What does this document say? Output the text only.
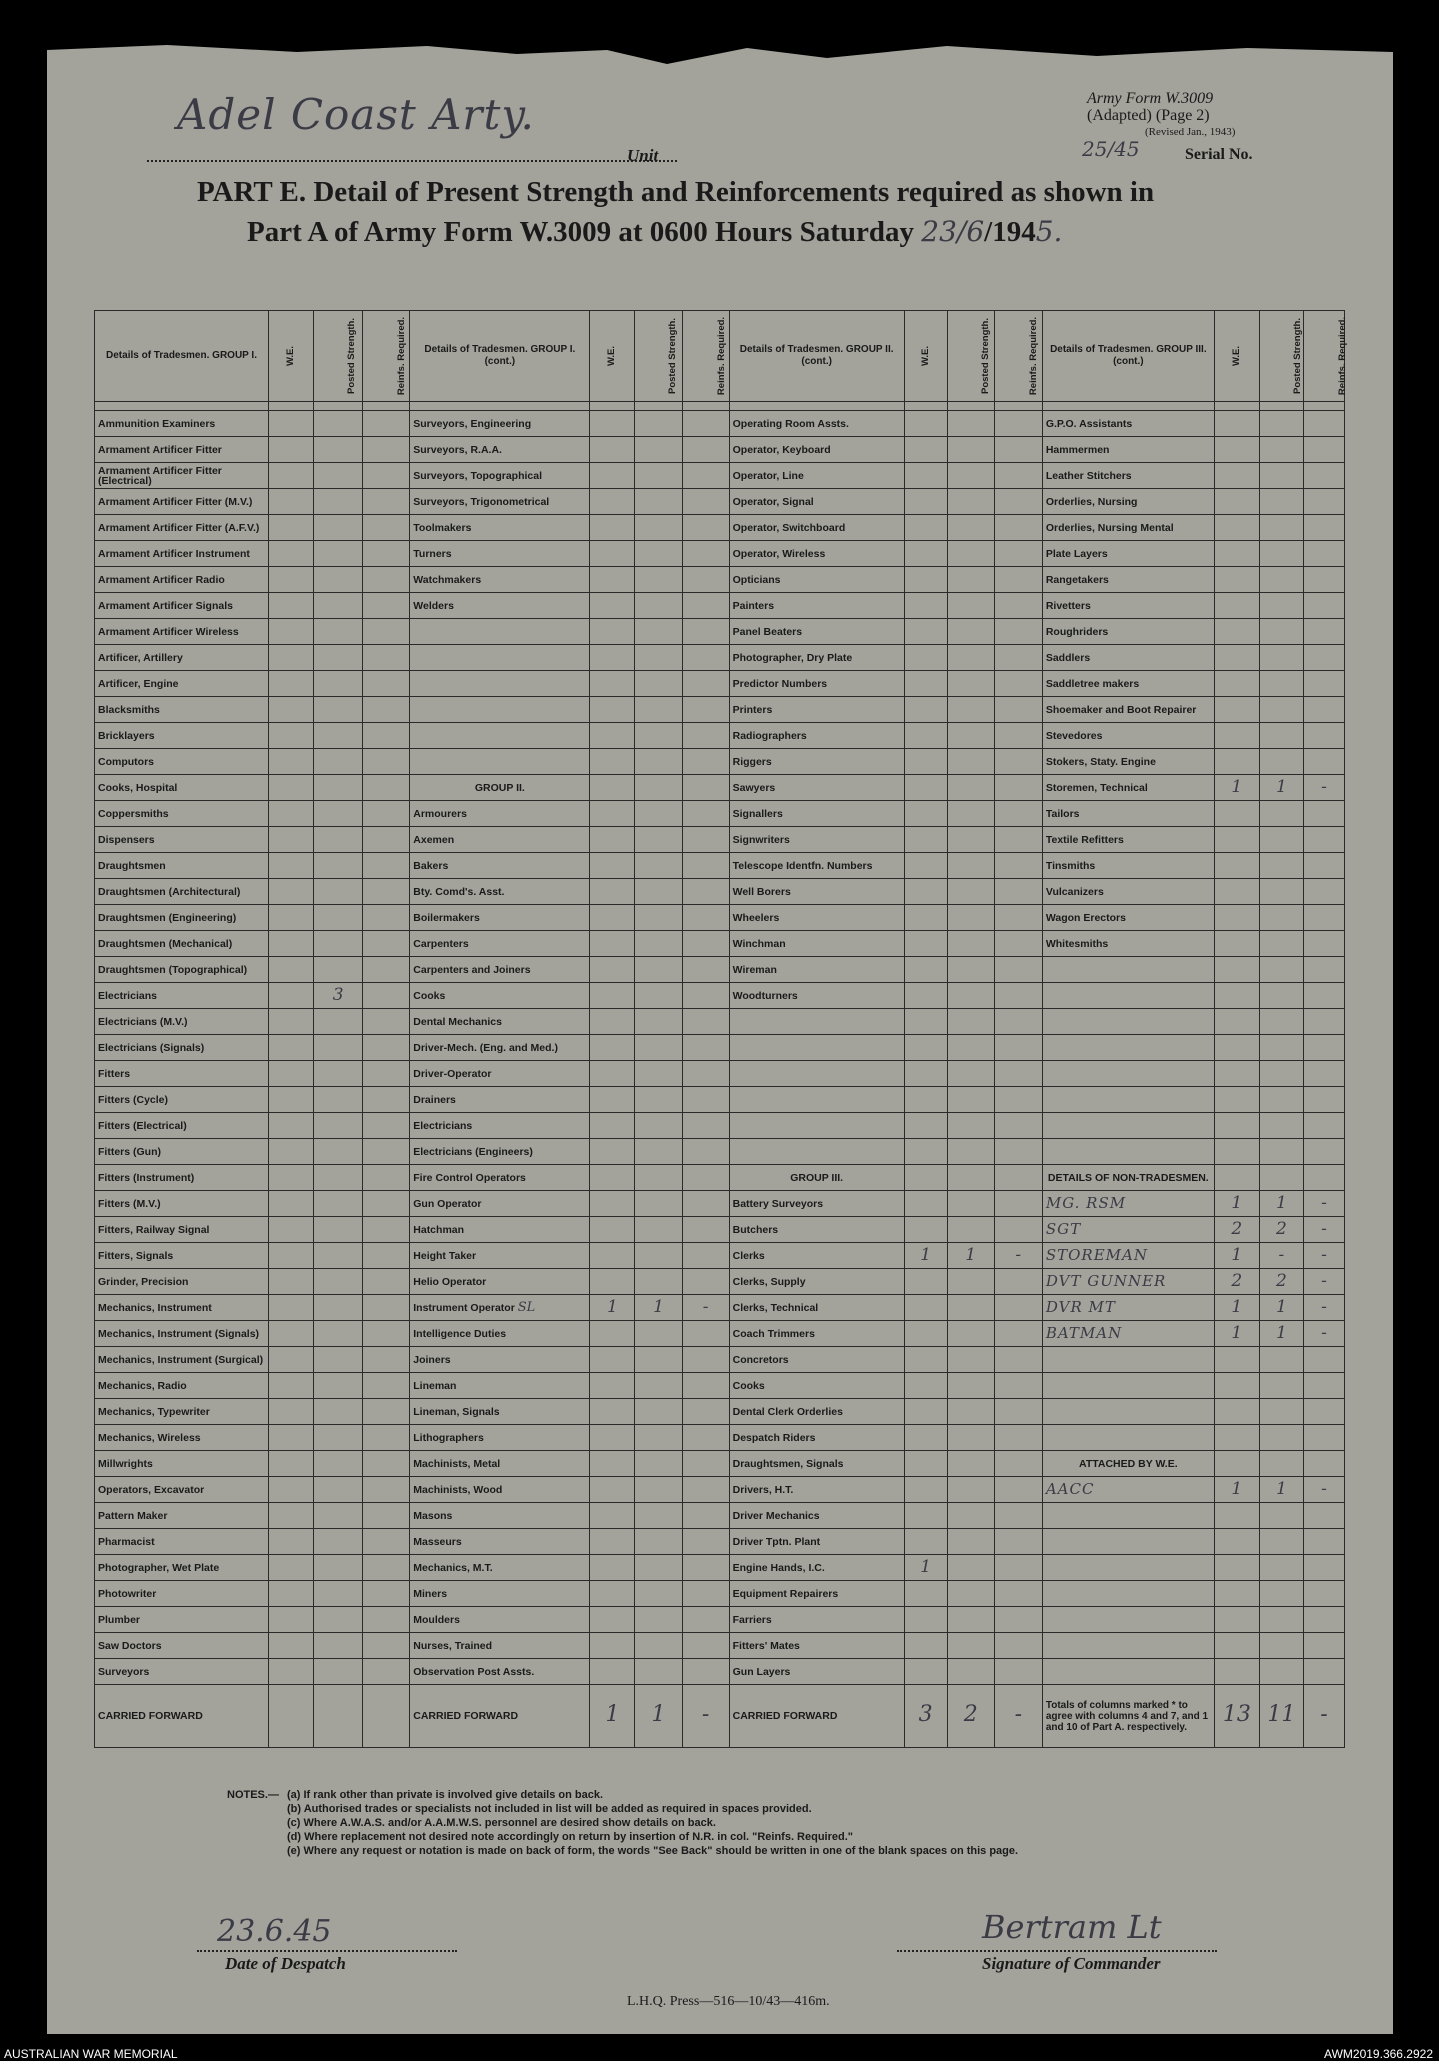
Adel Coast Arty.
Unit
Army Form W.3009
(Adapted) (Page 2)
(Revised Jan., 1943)
25/45	Serial No.
PART E. Detail of Present Strength and Reinforcements required as shown in
Part A of Army Form W.3009 at 0600 Hours Saturday 23/6/1945.
Details of Tradesmen. GROUP I.	W.E.	Posted Strength.	Reinfs. Required.	Details of Tradesmen. GROUP I. (cont.)	W.E.	Posted Strength.	Reinfs. Required.	Details of Tradesmen. GROUP II. (cont.)	W.E.	Posted Strength.	Reinfs. Required.	Details of Tradesmen. GROUP III. (cont.)	W.E.	Posted Strength.	Reinfs. Required.

Ammunition Examiners				Surveyors, Engineering				Operating Room Assts.				G.P.O. Assistants			
Armament Artificer Fitter				Surveyors, R.A.A.				Operator, Keyboard				Hammermen			
Armament Artificer Fitter (Electrical)				Surveyors, Topographical				Operator, Line				Leather Stitchers			
Armament Artificer Fitter (M.V.)				Surveyors, Trigonometrical				Operator, Signal				Orderlies, Nursing			
Armament Artificer Fitter (A.F.V.)				Toolmakers				Operator, Switchboard				Orderlies, Nursing Mental			
Armament Artificer Instrument				Turners				Operator, Wireless				Plate Layers			
Armament Artificer Radio				Watchmakers				Opticians				Rangetakers			
Armament Artificer Signals				Welders				Painters				Rivetters			
Armament Artificer Wireless								Panel Beaters				Roughriders			
Artificer, Artillery								Photographer, Dry Plate				Saddlers			
Artificer, Engine								Predictor Numbers				Saddletree makers			
Blacksmiths								Printers				Shoemaker and Boot Repairer			
Bricklayers								Radiographers				Stevedores			
Computors								Riggers				Stokers, Staty. Engine			
Cooks, Hospital				GROUP II.				Sawyers				Storemen, Technical	1	1	-
Coppersmiths				Armourers				Signallers				Tailors			
Dispensers				Axemen				Signwriters				Textile Refitters			
Draughtsmen				Bakers				Telescope Identfn. Numbers				Tinsmiths			
Draughtsmen (Architectural)				Bty. Comd's. Asst.				Well Borers				Vulcanizers			
Draughtsmen (Engineering)				Boilermakers				Wheelers				Wagon Erectors			
Draughtsmen (Mechanical)				Carpenters				Winchman				Whitesmiths			
Draughtsmen (Topographical)				Carpenters and Joiners				Wireman							
Electricians		3		Cooks				Woodturners							
Electricians (M.V.)				Dental Mechanics											
Electricians (Signals)				Driver-Mech. (Eng. and Med.)											
Fitters				Driver-Operator											
Fitters (Cycle)				Drainers											
Fitters (Electrical)				Electricians											
Fitters (Gun)				Electricians (Engineers)											
Fitters (Instrument)				Fire Control Operators				GROUP III.				DETAILS OF NON-TRADESMEN.			
Fitters (M.V.)				Gun Operator				Battery Surveyors				MG. RSM	1	1	-
Fitters, Railway Signal				Hatchman				Butchers				SGT	2	2	-
Fitters, Signals				Height Taker				Clerks	1	1	-	STOREMAN	1	-	-
Grinder, Precision				Helio Operator				Clerks, Supply				DVT GUNNER	2	2	-
Mechanics, Instrument				Instrument Operator SL	1	1	-	Clerks, Technical				DVR MT	1	1	-
Mechanics, Instrument (Signals)				Intelligence Duties				Coach Trimmers				BATMAN	1	1	-
Mechanics, Instrument (Surgical)				Joiners				Concretors							
Mechanics, Radio				Lineman				Cooks							
Mechanics, Typewriter				Lineman, Signals				Dental Clerk Orderlies							
Mechanics, Wireless				Lithographers				Despatch Riders							
Millwrights				Machinists, Metal				Draughtsmen, Signals				ATTACHED BY W.E.			
Operators, Excavator				Machinists, Wood				Drivers, H.T.				AACC	1	1	-
Pattern Maker				Masons				Driver Mechanics							
Pharmacist				Masseurs				Driver Tptn. Plant							
Photographer, Wet Plate				Mechanics, M.T.				Engine Hands, I.C.	1						
Photowriter				Miners				Equipment Repairers							
Plumber				Moulders				Farriers							
Saw Doctors				Nurses, Trained				Fitters' Mates							
Surveyors				Observation Post Assts.				Gun Layers							
CARRIED FORWARD				CARRIED FORWARD	1	1	-	CARRIED FORWARD	3	2	-	Totals of columns marked * to agree with columns 4 and 7, and 1 and 10 of Part A. respectively.	13	11	-
NOTES.— (a) If rank other than private is involved give details on back.
(b) Authorised trades or specialists not included in list will be added as required in spaces provided.
(c) Where A.W.A.S. and/or A.A.M.W.S. personnel are desired show details on back.
(d) Where replacement not desired note accordingly on return by insertion of N.R. in col. "Reinfs. Required."
(e) Where any request or notation is made on back of form, the words "See Back" should be written in one of the blank spaces on this page.
23.6.45
Date of Despatch
Bertram Lt
Signature of Commander
L.H.Q. Press—516—10/43—416m.
AUSTRALIAN WAR MEMORIAL	AWM2019.366.2922
